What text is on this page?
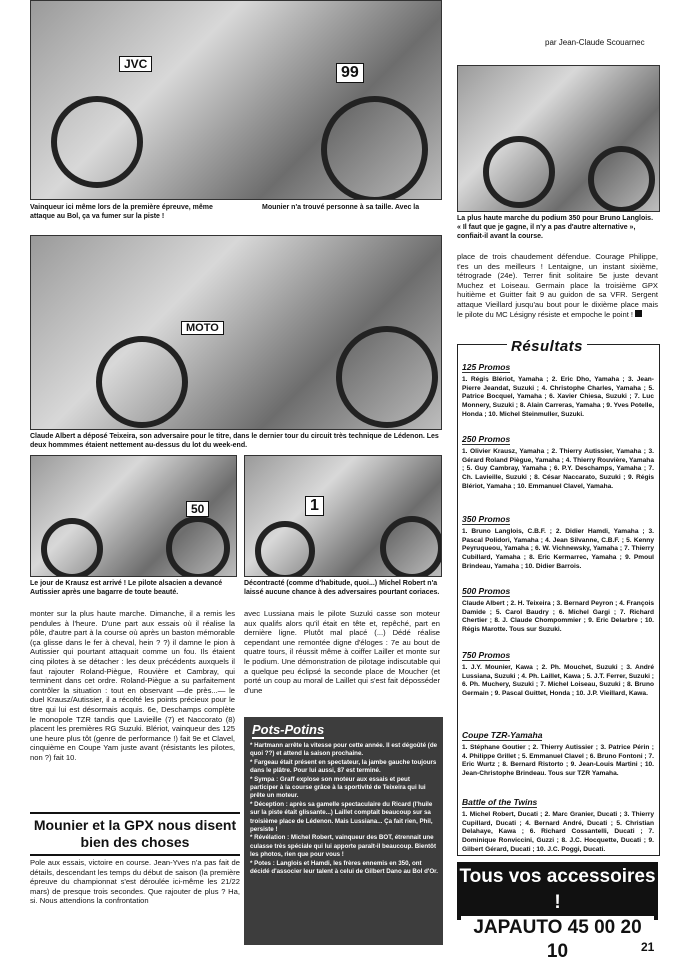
par Jean-Claude Scouarnec
99
JVC
Vainqueur ici même lors de la première épreuve, même attaque au Bol, ça va fumer sur la piste !
Mounier n'a trouvé personne à sa taille. Avec la
La plus haute marche du podium 350 pour Bruno Langlois. « Il faut que je gagne, il n'y a pas d'autre alternative », confiait-il avant la course.
place de trois chaudement défendue. Courage Philippe, t'es un des meilleurs ! Lentaigne, un instant sixième, tétrograde (24e). Terrer finit solitaire 5e juste devant Muchez et Loiseau. Germain place la troisième GPX huitième et Guitter fait 9 au guidon de sa VFR. Sergent attaque Vieillard jusqu'au bout pour le dixième place mais le pilote du MC Lésigny résiste et empoche le point !
MOTO
Claude Albert a déposé Teixeira, son adversaire pour le titre, dans le dernier tour du circuit très technique de Lédenon. Les deux hommmes étaient nettement au-dessus du lot du week-end.
50	1
Le jour de Krausz est arrivé ! Le pilote alsacien a devancé Autissier après une bagarre de toute beauté.
Décontracté (comme d'habitude, quoi...) Michel Robert n'a laissé aucune chance à des adversaires pourtant coriaces.
monter sur la plus haute marche. Dimanche, il a remis les pendules à l'heure. D'une part aux essais où il réalise la pôle, d'autre part à la course où après un baston mémorable (ça glisse dans le fer à cheval, hein ? ?) il damne le pion à Autissier qui pourtant attaquait comme un fou. Ils étaient cinq pilotes à se détacher : les deux précédents auxquels il faut rajouter Roland-Piègue, Rouvière et Cambray, qui terminent dans cet ordre. Roland-Piègue a su parfaitement contrôler la situation : tout en observant —de près...— le duel Krausz/Autissier, il a récolté les points précieux pour le titre qui lui est désormais acquis. 6e, Deschamps complète le monopole TZR tandis que Lavieille (7) et Naccorato (8) placent les premières RG Suzuki. Blériot, vainqueur des 125 une heure plus tôt (genre de performance !) fait 9e et Clavel, cinquième en Coupe Yam juste avant (résistants les pilotes, non ?) fait 10.
avec Lussiana mais le pilote Suzuki casse son moteur aux qualifs alors qu'il était en tête et, repêché, part en dernière ligne. Plutôt mal placé (...) Dédé réalise cependant une remontée digne d'éloges : 7e au bout de quatre tours, il réussit même à coiffer Lailler et monte sur le podium. Une démonstration de pilotage indiscutable qui a quelque peu éclipsé la seconde place de Moucher (et porté un coup au moral de Laillet qui s'est fait déposséder d'une
Mounier et la GPX nous disent bien des choses
Pole aux essais, victoire en course. Jean-Yves n'a pas fait de détails, descendant les temps du début de saison (la première épreuve du championnat s'est déroulée ici-même les 21/22 mars) de presque trois secondes. Que rajouter de plus ? Ha, si. Nous attendions la confrontation
Pots-Potins
* Hartmann arrête la vitesse pour cette année. Il est dégoûté (de quoi ??) et attend la saison prochaine.
* Fargeau était présent en spectateur, la jambe gauche toujours dans le plâtre. Pour lui aussi, 87 est terminé.
* Sympa : Graff explose son moteur aux essais et peut participer à la course grâce à la sportivité de Teixeira qui lui prête un moteur.
* Déception : après sa gamelle spectaculaire du Ricard (l'huile sur la piste était glissante...) Laillet comptait beaucoup sur sa troisième place de Lédenon. Mais Lussiana... Ça fait rien, Phil, persiste !
* Révélation : Michel Robert, vainqueur des BOT, étrennait une culasse très spéciale qui lui apporte paraît-il beaucoup. Bientôt les photos, rien que pour vous !
* Potes : Langlois et Hamdi, les frères ennemis en 350, ont décidé d'associer leur talent à celui de Gilbert Dano au Bol d'Or.
Résultats
125 Promos
1. Régis Blériot, Yamaha ; 2. Eric Dho, Yamaha ; 3. Jean-Pierre Jeandat, Suzuki ; 4. Christophe Charles, Yamaha ; 5. Patrice Bocquel, Yamaha ; 6. Xavier Chiesa, Suzuki ; 7. Luc Monnery, Suzuki ; 8. Alain Carreras, Yamaha ; 9. Yves Potelle, Honda ; 10. Michel Steinmuller, Suzuki.
250 Promos
1. Olivier Krausz, Yamaha ; 2. Thierry Autissier, Yamaha ; 3. Gérard Roland Piègue, Yamaha ; 4. Thierry Rouvière, Yamaha ; 5. Guy Cambray, Yamaha ; 6. P.Y. Deschamps, Yamaha ; 7. Ch. Lavieille, Suzuki ; 8. César Naccarato, Suzuki ; 9. Régis Blériot, Yamaha ; 10. Emmanuel Clavel, Yamaha.
350 Promos
1. Bruno Langlois, C.B.F. ; 2. Didier Hamdi, Yamaha ; 3. Pascal Polidori, Yamaha ; 4. Jean Silvanne, C.B.F. ; 5. Kenny Peyruqueou, Yamaha ; 6. W. Vichnewsky, Yamaha ; 7. Thierry Cubillard, Yamaha ; 8. Eric Kermarrec, Yamaha ; 9. Pmoul Brindeau, Yamaha ; 10. Didier Barrois.
500 Promos
Claude Albert ; 2. H. Teixeira ; 3. Bernard Peyron ; 4. François Damide ; 5. Carol Baudry ; 6. Michel Gargi ; 7. Richard Chertier ; 8. J. Claude Chompommier ; 9. Eric Delarbre ; 10. Régis Marotte. Tous sur Suzuki.
750 Promos
1. J.Y. Mounier, Kawa ; 2. Ph. Mouchet, Suzuki ; 3. André Lussiana, Suzuki ; 4. Ph. Laillet, Kawa ; 5. J.T. Ferrer, Suzuki ; 6. Ph. Muchery, Suzuki ; 7. Michel Loiseau, Suzuki ; 8. Bruno Germain ; 9. Pascal Guittet, Honda ; 10. J.P. Vieillard, Kawa.
Coupe TZR-Yamaha
1. Stéphane Goutier ; 2. Thierry Autissier ; 3. Patrice Périn ; 4. Philippe Grillet ; 5. Emmanuel Clavel ; 6. Bruno Fontoni ; 7. Eric Wurtz ; 8. Bernard Ristorto ; 9. Jean-Louis Martini ; 10. Jean-Christophe Brindeau. Tous sur TZR Yamaha.
Battle of the Twins
1. Michel Robert, Ducati ; 2. Marc Granier, Ducati ; 3. Thierry Cupillard, Ducati ; 4. Bernard André, Ducati ; 5. Christian Delahaye, Kawa ; 6. Richard Cossantelli, Ducati ; 7. Dominique Ronviccini, Guzzi ; 8. J.C. Hocquette, Ducati ; 9. Gilbert Gérard, Ducati ; 10. J.C. Poggi, Ducati.
Tous vos accessoires !
JAPAUTO 45 00 20 10	21
